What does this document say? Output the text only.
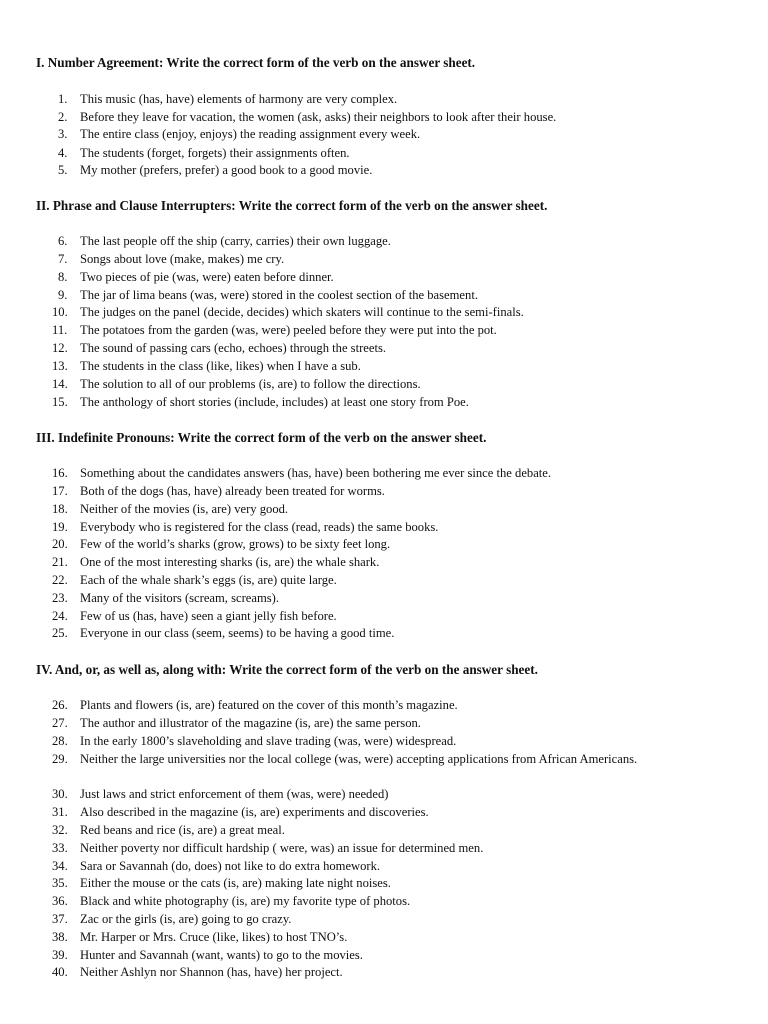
I. Number Agreement: Write the correct form of the verb on the answer sheet.
1. This music (has, have) elements of harmony are very complex.
2. Before they leave for vacation, the women (ask, asks) their neighbors to look after their house.
3. The entire class (enjoy, enjoys) the reading assignment every week.
4. The students (forget, forgets) their assignments often.
5. My mother (prefers, prefer) a good book to a good movie.
II. Phrase and Clause Interrupters: Write the correct form of the verb on the answer sheet.
6. The last people off the ship (carry, carries) their own luggage.
7. Songs about love (make, makes) me cry.
8. Two pieces of pie (was, were) eaten before dinner.
9. The jar of lima beans (was, were) stored in the coolest section of the basement.
10. The judges on the panel (decide, decides) which skaters will continue to the semi-finals.
11. The potatoes from the garden (was, were) peeled before they were put into the pot.
12. The sound of passing cars (echo, echoes) through the streets.
13. The students in the class (like, likes) when I have a sub.
14. The solution to all of our problems (is, are) to follow the directions.
15. The anthology of short stories (include, includes) at least one story from Poe.
III. Indefinite Pronouns: Write the correct form of the verb on the answer sheet.
16. Something about the candidates answers (has, have) been bothering me ever since the debate.
17.Both of the dogs (has, have) already been treated for worms.
18. Neither of the movies (is, are) very good.
19. Everybody who is registered for the class (read, reads) the same books.
20. Few of the world’s sharks (grow, grows) to be sixty feet long.
21. One of the most interesting sharks (is, are) the whale shark.
22. Each of the whale shark’s eggs (is, are) quite large.
23. Many of the visitors (scream, screams).
24. Few of us (has, have) seen a giant jelly fish before.
25. Everyone in our class (seem, seems) to be having a good time.
IV. And, or, as well as, along with: Write the correct form of the verb on the answer sheet.
26. Plants and flowers (is, are) featured on the cover of this month’s magazine.
27. The author and illustrator of the magazine (is, are) the same person.
28. In the early 1800’s slaveholding and slave trading (was, were) widespread.
29. Neither the large universities nor the local college (was, were) accepting applications from African Americans.
30. Just laws and strict enforcement of them (was, were) needed)
31. Also described in the magazine (is, are) experiments and discoveries.
32. Red beans and rice (is, are) a great meal.
33. Neither poverty nor difficult hardship ( were, was) an issue for determined men.
34. Sara or Savannah (do, does) not like to do extra homework.
35. Either the mouse or the cats (is, are) making late night noises.
36. Black and white photography (is, are) my favorite type of photos.
37. Zac or the girls (is, are) going to go crazy.
38. Mr. Harper or Mrs. Cruce (like, likes) to host TNO’s.
39. Hunter and Savannah (want, wants) to go to the movies.
40. Neither Ashlyn nor Shannon (has, have) her project.
